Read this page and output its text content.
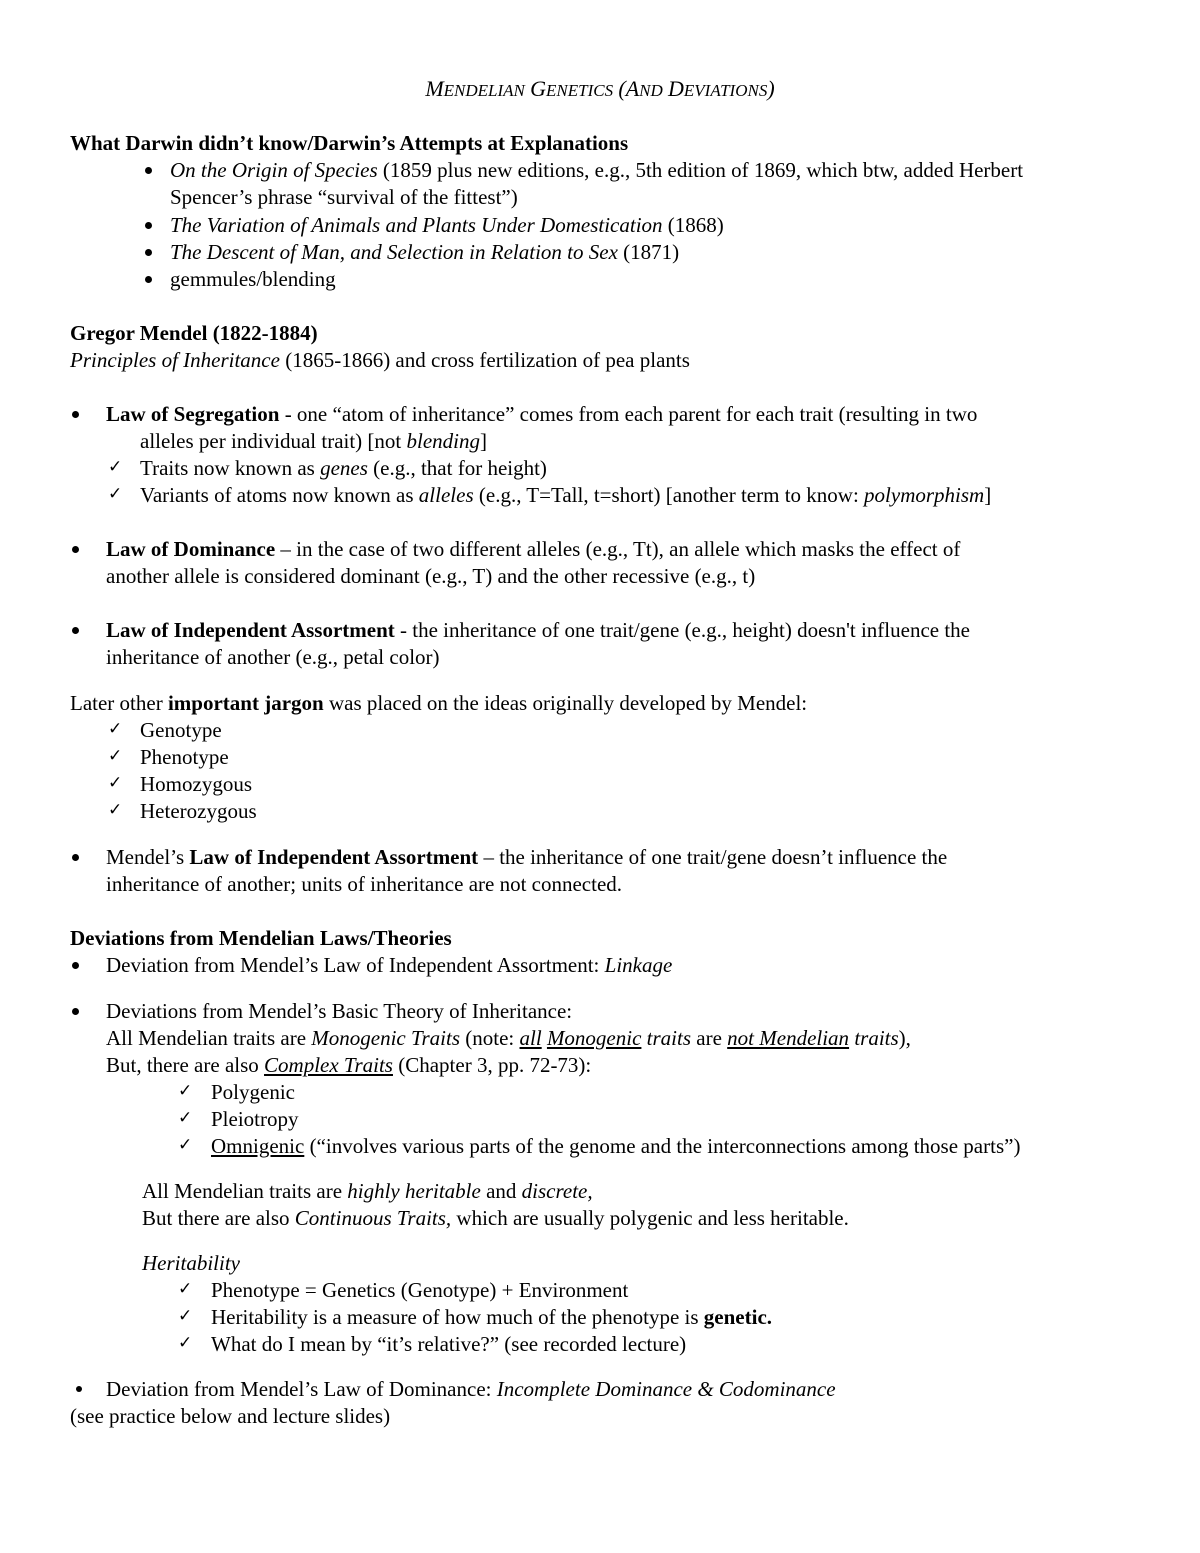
MENDELIAN GENETICS (AND DEVIATIONS)
What Darwin didn’t know/Darwin’s Attempts at Explanations
On the Origin of Species (1859 plus new editions, e.g., 5th edition of 1869, which btw, added Herbert
Spencer’s phrase “survival of the fittest”)
The Variation of Animals and Plants Under Domestication (1868)
The Descent of Man, and Selection in Relation to Sex (1871)
gemmules/blending
Gregor Mendel (1822-1884)
Principles of Inheritance (1865-1866) and cross fertilization of pea plants
Law of Segregation - one “atom of inheritance” comes from each parent for each trait (resulting in two
alleles per individual trait) [not blending]
✓ Traits now known as genes (e.g., that for height)
✓ Variants of atoms now known as alleles (e.g., T=Tall, t=short) [another term to know: polymorphism]
Law of Dominance – in the case of two different alleles (e.g., Tt), an allele which masks the effect of
another allele is considered dominant (e.g., T) and the other recessive (e.g., t)
Law of Independent Assortment - the inheritance of one trait/gene (e.g., height) doesn't influence the
inheritance of another (e.g., petal color)
Later other important jargon was placed on the ideas originally developed by Mendel:
✓ Genotype
✓ Phenotype
✓ Homozygous
✓ Heterozygous
Mendel’s Law of Independent Assortment – the inheritance of one trait/gene doesn’t influence the
inheritance of another; units of inheritance are not connected.
Deviations from Mendelian Laws/Theories
Deviation from Mendel’s Law of Independent Assortment: Linkage
Deviations from Mendel’s Basic Theory of Inheritance:
All Mendelian traits are Monogenic Traits (note: all Monogenic traits are not Mendelian traits),
But, there are also Complex Traits (Chapter 3, pp. 72-73):
✓ Polygenic
✓ Pleiotropy
✓ Omnigenic (“involves various parts of the genome and the interconnections among those parts”)
All Mendelian traits are highly heritable and discrete,
But there are also Continuous Traits, which are usually polygenic and less heritable.
Heritability
✓ Phenotype = Genetics (Genotype) + Environment
✓ Heritability is a measure of how much of the phenotype is genetic.
✓ What do I mean by “it’s relative?” (see recorded lecture)
Deviation from Mendel’s Law of Dominance: Incomplete Dominance & Codominance
(see practice below and lecture slides)
